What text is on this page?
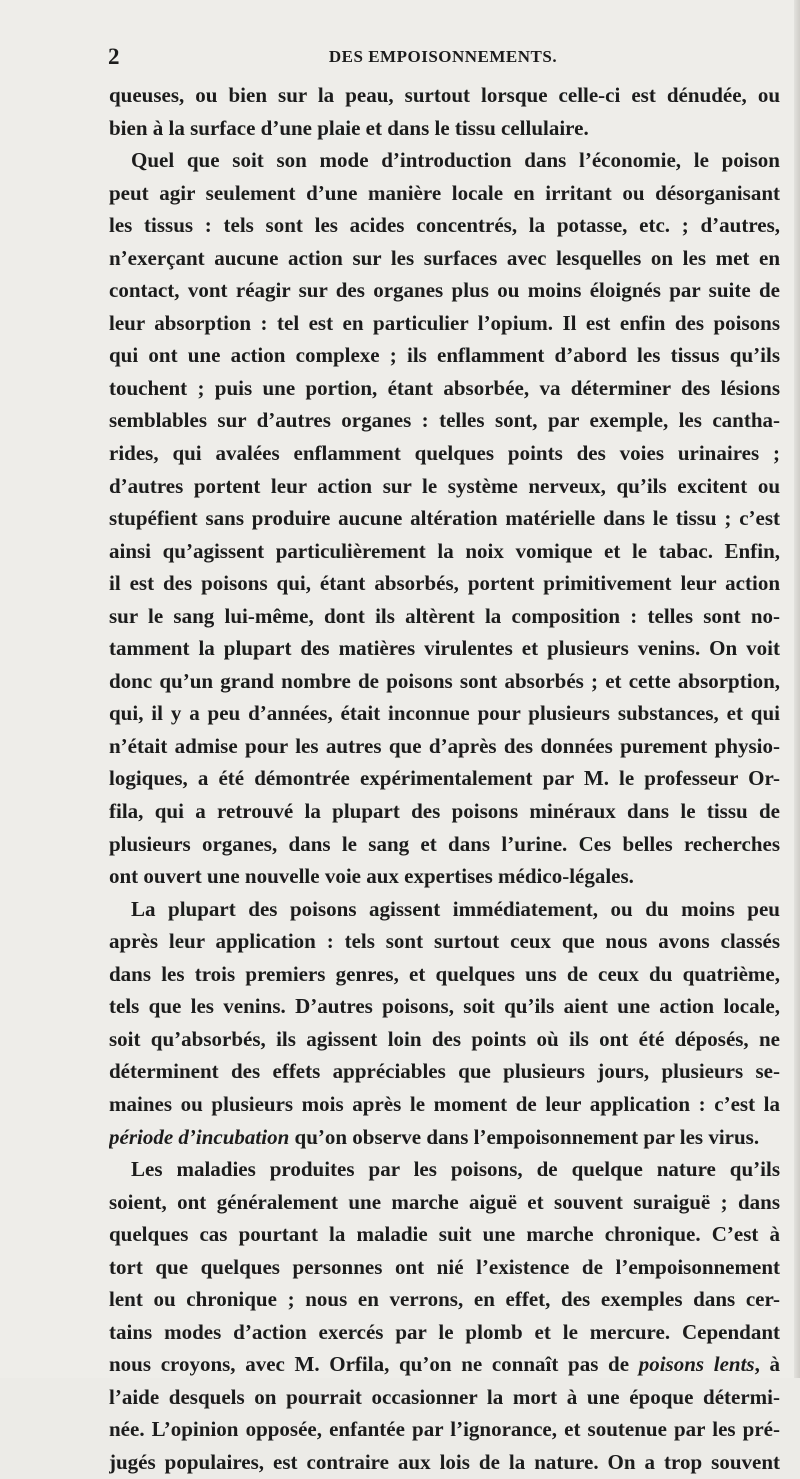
2	DES EMPOISONNEMENTS.
queuses, ou bien sur la peau, surtout lorsque celle-ci est dénudée, ou
bien à la surface d’une plaie et dans le tissu cellulaire.
Quel que soit son mode d’introduction dans l’économie, le poison
peut agir seulement d’une manière locale en irritant ou désorganisant
les tissus : tels sont les acides concentrés, la potasse, etc. ; d’autres,
n’exerçant aucune action sur les surfaces avec lesquelles on les met en
contact, vont réagir sur des organes plus ou moins éloignés par suite de
leur absorption : tel est en particulier l’opium. Il est enfin des poisons
qui ont une action complexe ; ils enflamment d’abord les tissus qu’ils
touchent ; puis une portion, étant absorbée, va déterminer des lésions
semblables sur d’autres organes : telles sont, par exemple, les cantha-
rides, qui avalées enflamment quelques points des voies urinaires ;
d’autres portent leur action sur le système nerveux, qu’ils excitent ou
stupéfient sans produire aucune altération matérielle dans le tissu ; c’est
ainsi qu’agissent particulièrement la noix vomique et le tabac. Enfin,
il est des poisons qui, étant absorbés, portent primitivement leur action
sur le sang lui-même, dont ils altèrent la composition : telles sont no-
tamment la plupart des matières virulentes et plusieurs venins. On voit
donc qu’un grand nombre de poisons sont absorbés ; et cette absorption,
qui, il y a peu d’années, était inconnue pour plusieurs substances, et qui
n’était admise pour les autres que d’après des données purement physio-
logiques, a été démontrée expérimentalement par M. le professeur Or-
fila, qui a retrouvé la plupart des poisons minéraux dans le tissu de
plusieurs organes, dans le sang et dans l’urine. Ces belles recherches
ont ouvert une nouvelle voie aux expertises médico-légales.
La plupart des poisons agissent immédiatement, ou du moins peu
après leur application : tels sont surtout ceux que nous avons classés
dans les trois premiers genres, et quelques uns de ceux du quatrième,
tels que les venins. D’autres poisons, soit qu’ils aient une action locale,
soit qu’absorbés, ils agissent loin des points où ils ont été déposés, ne
déterminent des effets appréciables que plusieurs jours, plusieurs se-
maines ou plusieurs mois après le moment de leur application : c’est la
période d’incubation qu’on observe dans l’empoisonnement par les virus.
Les maladies produites par les poisons, de quelque nature qu’ils
soient, ont généralement une marche aiguë et souvent suraiguë ; dans
quelques cas pourtant la maladie suit une marche chronique. C’est à
tort que quelques personnes ont nié l’existence de l’empoisonnement
lent ou chronique ; nous en verrons, en effet, des exemples dans cer-
tains modes d’action exercés par le plomb et le mercure. Cependant
nous croyons, avec M. Orfila, qu’on ne connaît pas de poisons lents, à
l’aide desquels on pourrait occasionner la mort à une époque détermi-
née. L’opinion opposée, enfantée par l’ignorance, et soutenue par les pré-
jugés populaires, est contraire aux lois de la nature. On a trop souvent
